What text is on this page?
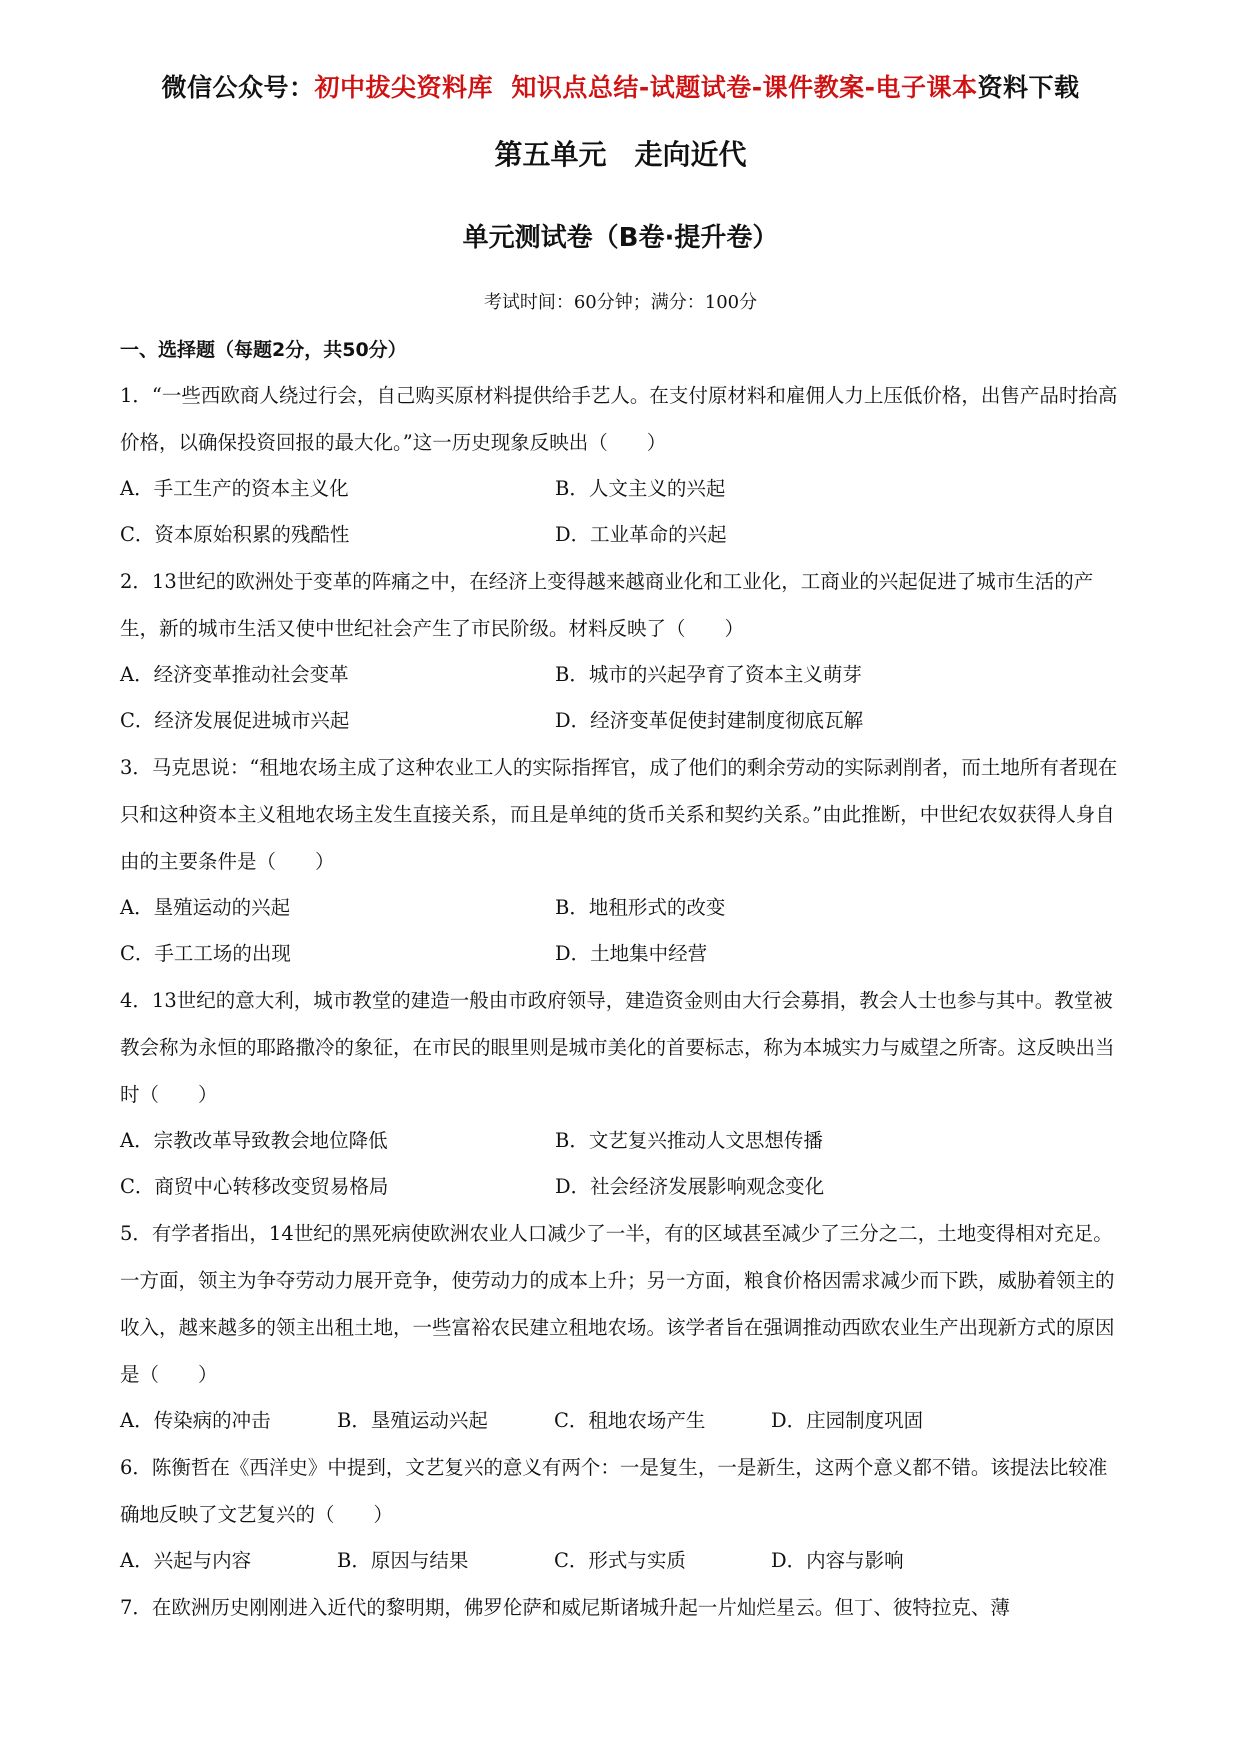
微信公众号：初中拔尖资料库 知识点总结-试题试卷-课件教案-电子课本资料下载
第五单元　走向近代
单元测试卷（B卷·提升卷）
考试时间：60分钟；满分：100分
一、选择题（每题2分，共50分）

1．“一些西欧商人绕过行会，自己购买原材料提供给手艺人。在支付原材料和雇佣人力上压低价格，出售产品时抬高价格，以确保投资回报的最大化。”这一历史现象反映出（　　）

A．手工生产的资本主义化	B．人文主义的兴起
C．资本原始积累的残酷性	D．工业革命的兴起

2．13世纪的欧洲处于变革的阵痛之中，在经济上变得越来越商业化和工业化，工商业的兴起促进了城市生活的产生，新的城市生活又使中世纪社会产生了市民阶级。材料反映了（　　）

A．经济变革推动社会变革	B．城市的兴起孕育了资本主义萌芽
C．经济发展促进城市兴起	D．经济变革促使封建制度彻底瓦解

3．马克思说：“租地农场主成了这种农业工人的实际指挥官，成了他们的剩余劳动的实际剥削者，而土地所有者现在只和这种资本主义租地农场主发生直接关系，而且是单纯的货币关系和契约关系。”由此推断，中世纪农奴获得人身自由的主要条件是（　　）

A．垦殖运动的兴起	B．地租形式的改变
C．手工工场的出现	D．土地集中经营

4．13世纪的意大利，城市教堂的建造一般由市政府领导，建造资金则由大行会募捐，教会人士也参与其中。教堂被教会称为永恒的耶路撒冷的象征，在市民的眼里则是城市美化的首要标志，称为本城实力与威望之所寄。这反映出当时（　　）

A．宗教改革导致教会地位降低	B．文艺复兴推动人文思想传播
C．商贸中心转移改变贸易格局	D．社会经济发展影响观念变化

5．有学者指出，14世纪的黑死病使欧洲农业人口减少了一半，有的区域甚至减少了三分之二，土地变得相对充足。一方面，领主为争夺劳动力展开竞争，使劳动力的成本上升；另一方面，粮食价格因需求减少而下跌，威胁着领主的收入，越来越多的领主出租土地，一些富裕农民建立租地农场。该学者旨在强调推动西欧农业生产出现新方式的原因是（　　）

A．传染病的冲击	B．垦殖运动兴起	C．租地农场产生	D．庄园制度巩固

6．陈衡哲在《西洋史》中提到，文艺复兴的意义有两个：一是复生，一是新生，这两个意义都不错。该提法比较准确地反映了文艺复兴的（　　）

A．兴起与内容	B．原因与结果	C．形式与实质	D．内容与影响

7．在欧洲历史刚刚进入近代的黎明期，佛罗伦萨和威尼斯诸城升起一片灿烂星云。但丁、彼特拉克、薄
